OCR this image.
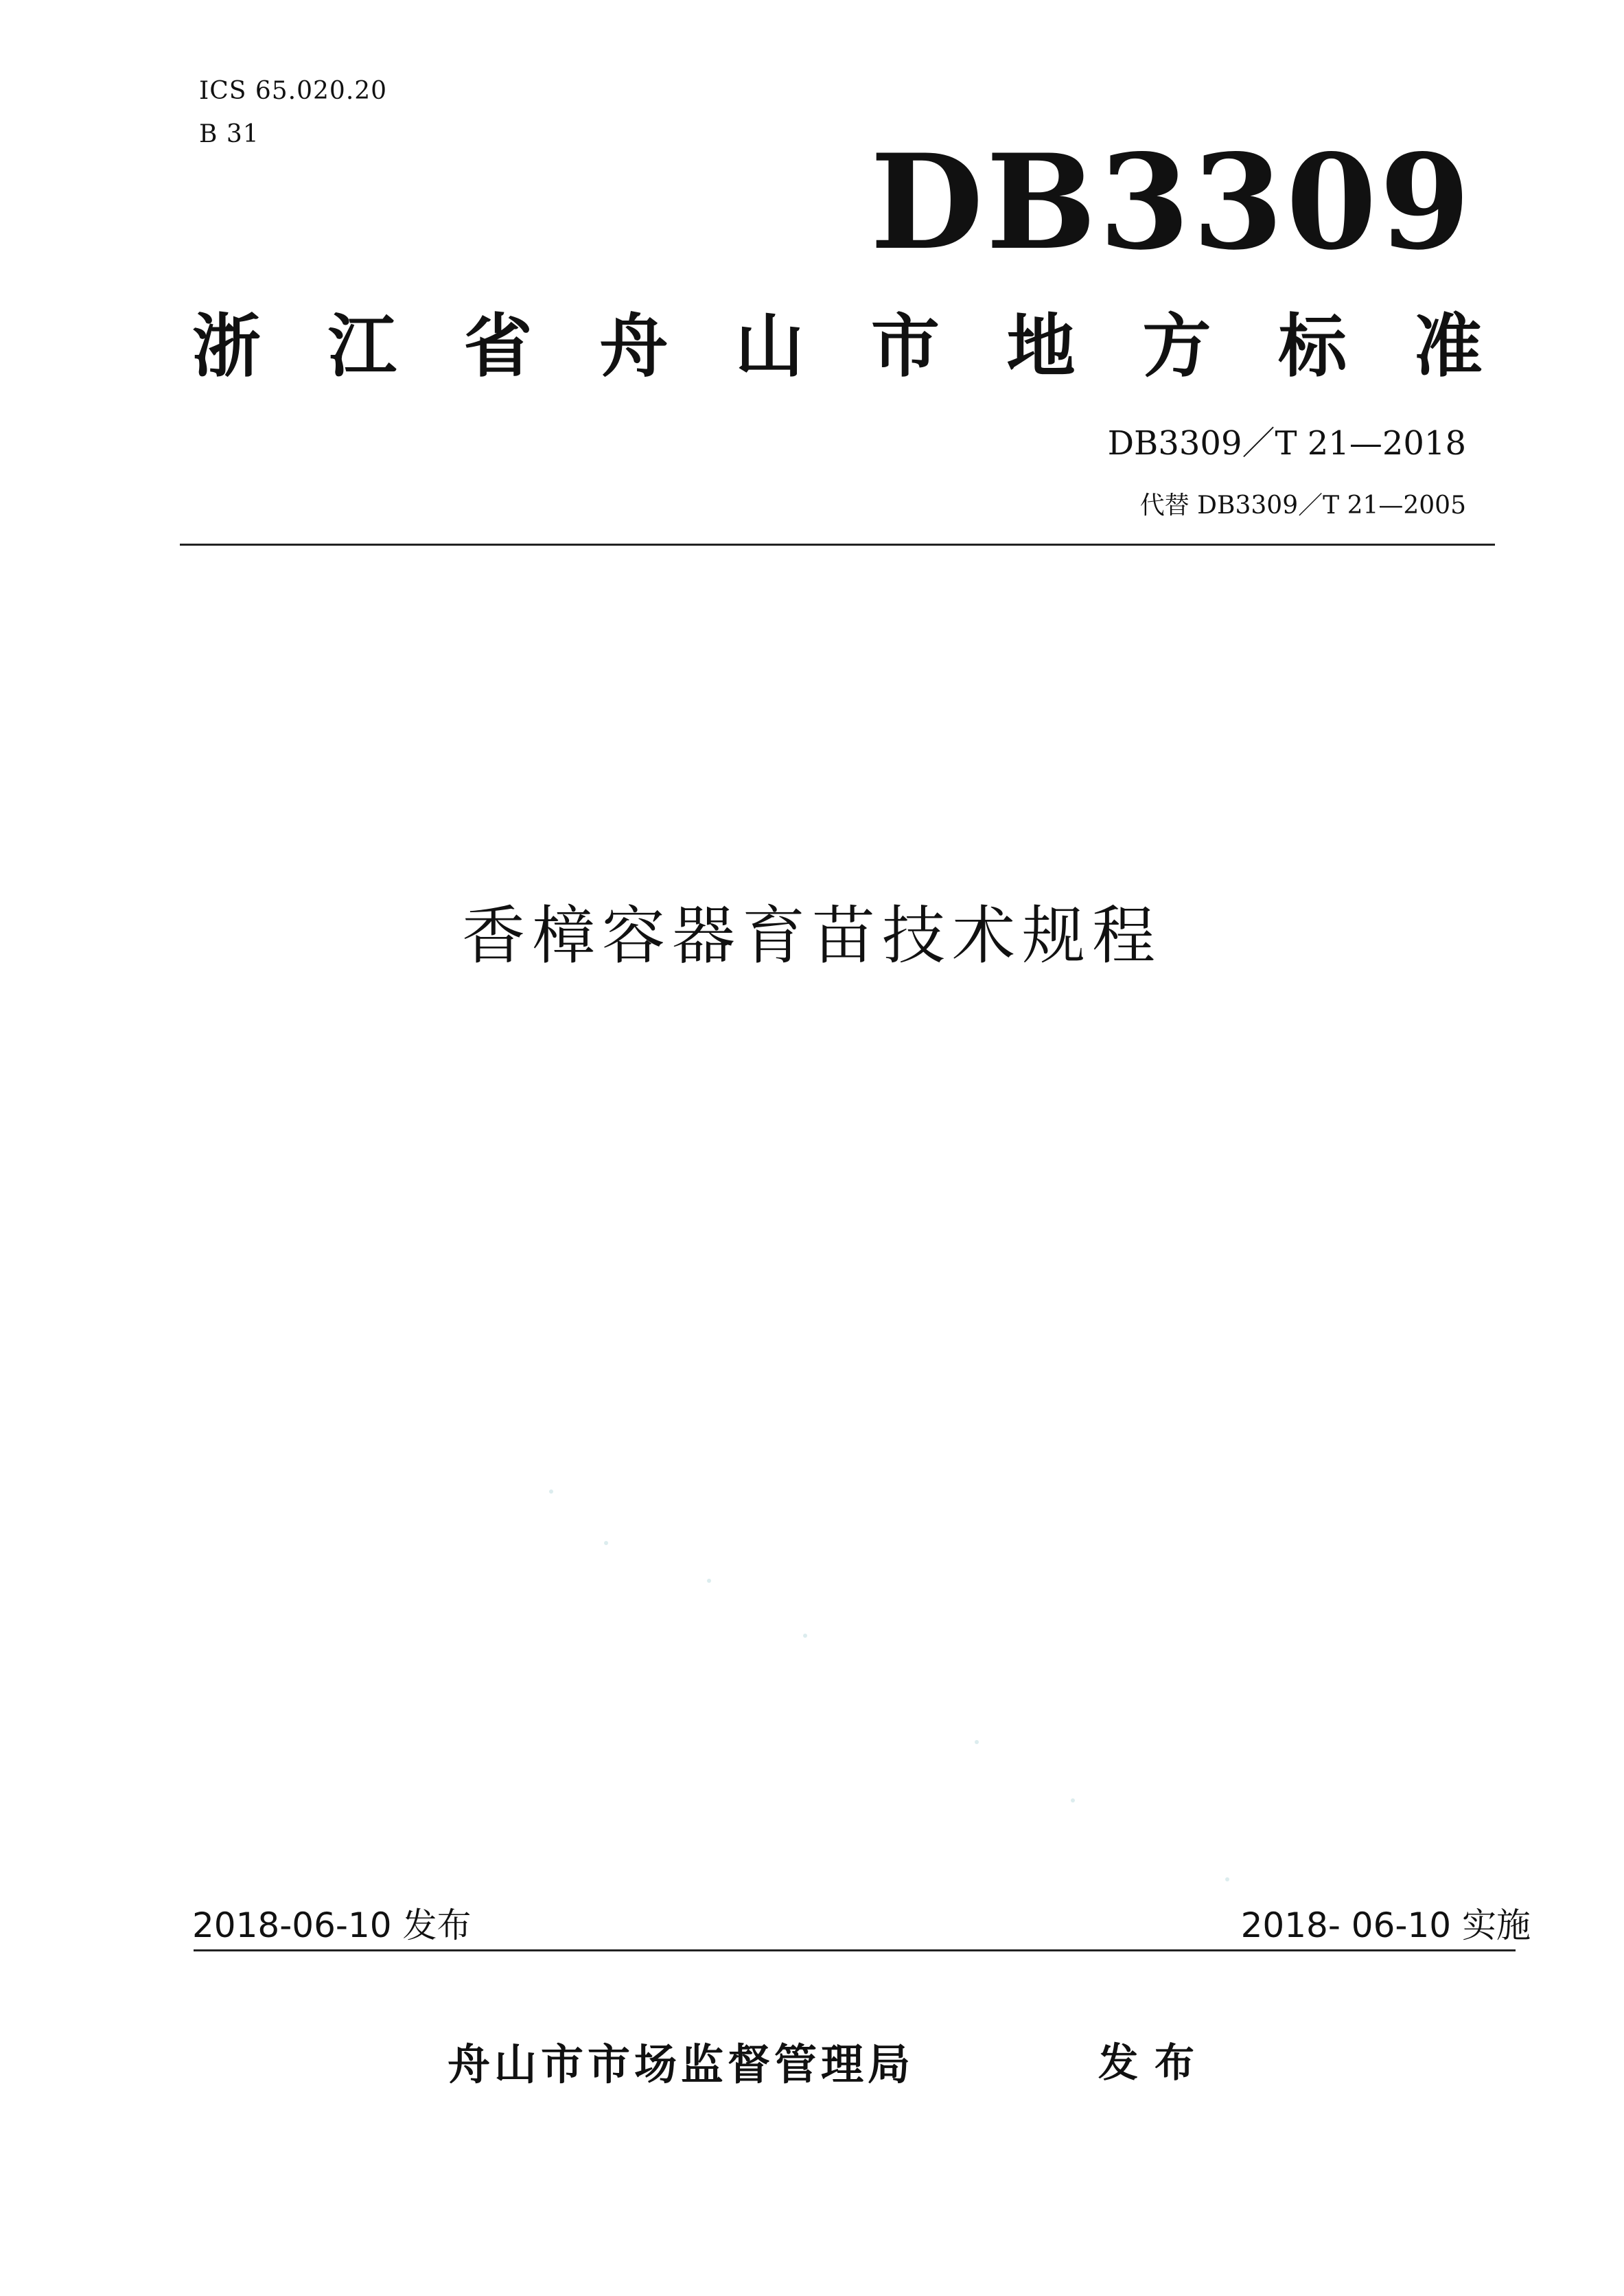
ICS 65.020.20
B 31	DB3309
浙 江 省 舟 山 市 地 方 标 准
DB3309／T 21—2018
代替 DB3309／T 21—2005
香樟容器育苗技术规程
2018-06-10 发布	2018- 06-10 实施
舟山市市场监督管理局	发布
